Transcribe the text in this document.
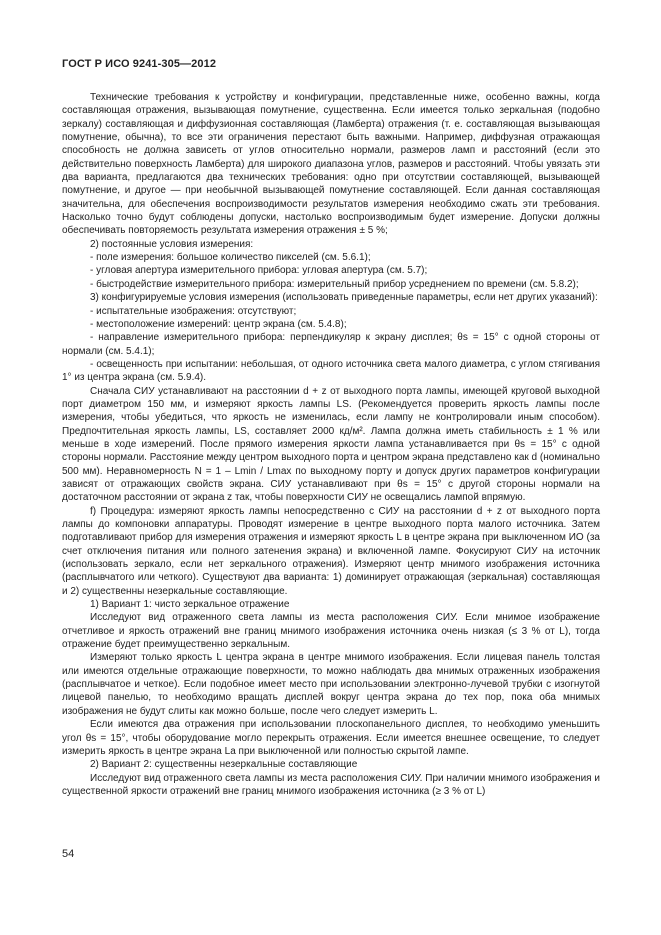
ГОСТ Р ИСО 9241-305—2012

Технические требования к устройству и конфигурации, представленные ниже, особенно важны, когда составляющая отражения, вызывающая помутнение, существенна. Если имеется только зеркальная (подобно зеркалу) составляющая и диффузионная составляющая (Ламберта) отражения (т. е. составляющая вызывающая помутнение, обычна), то все эти ограничения перестают быть важными. Например, диффузная отражающая способность не должна зависеть от углов относительно нормали, размеров ламп и расстояний (если это действительно поверхность Ламберта) для широкого диапазона углов, размеров и расстояний. Чтобы увязать эти два варианта, предлагаются два технических требования: одно при отсутствии составляющей, вызывающей помутнение, и другое — при необычной вызывающей помутнение составляющей. Если данная составляющая значительна, для обеспечения воспроизводимости результатов измерения необходимо сжать эти требования. Насколько точно будут соблюдены допуски, настолько воспроизводимым будет измерение. Допуски должны обеспечивать повторяемость результата измерения отражения ± 5 %;

2) постоянные условия измерения:

- поле измерения: большое количество пикселей (см. 5.6.1);

- угловая апертура измерительного прибора: угловая апертура (см. 5.7);

- быстродействие измерительного прибора: измерительный прибор усреднением по времени (см. 5.8.2);

3) конфигурируемые условия измерения (использовать приведенные параметры, если нет других указаний):

- испытательные изображения: отсутствуют;

- местоположение измерений: центр экрана (см. 5.4.8);

- направление измерительного прибора: перпендикуляр к экрану дисплея; θs = 15° с одной стороны от нормали (см. 5.4.1);

- освещенность при испытании: небольшая, от одного источника света малого диаметра, с углом стягивания 1° из центра экрана (см. 5.9.4).

Сначала СИУ устанавливают на расстоянии d + z от выходного порта лампы, имеющей круговой выходной порт диаметром 150 мм, и измеряют яркость лампы LS. (Рекомендуется проверить яркость лампы после измерения, чтобы убедиться, что яркость не изменилась, если лампу не контролировали иным способом). Предпочтительная яркость лампы, LS, составляет 2000 кд/м². Лампа должна иметь стабильность ± 1 % или меньше в ходе измерений. После прямого измерения яркости лампа устанавливается при θs = 15° с одной стороны нормали. Расстояние между центром выходного порта и центром экрана представлено как d (номинально 500 мм). Неравномерность N = 1 – Lmin / Lmax по выходному порту и допуск других параметров конфигурации зависят от отражающих свойств экрана. СИУ устанавливают при θs = 15° с другой стороны нормали на достаточном расстоянии от экрана z так, чтобы поверхности СИУ не освещались лампой впрямую.

f) Процедура: измеряют яркость лампы непосредственно с СИУ на расстоянии d + z от выходного порта лампы до компоновки аппаратуры. Проводят измерение в центре выходного порта малого источника. Затем подготавливают прибор для измерения отражения и измеряют яркость L в центре экрана при выключенном ИО (за счет отключения питания или полного затенения экрана) и включенной лампе. Фокусируют СИУ на источник (использовать зеркало, если нет зеркального отражения). Измеряют центр мнимого изображения источника (расплывчатого или четкого). Существуют два варианта: 1) доминирует отражающая (зеркальная) составляющая и 2) существенны незеркальные составляющие.

1) Вариант 1: чисто зеркальное отражение

Исследуют вид отраженного света лампы из места расположения СИУ. Если мнимое изображение отчетливое и яркость отражений вне границ мнимого изображения источника очень низкая (≤ 3 % от L), тогда отражение будет преимущественно зеркальным.

Измеряют только яркость L центра экрана в центре мнимого изображения. Если лицевая панель толстая или имеются отдельные отражающие поверхности, то можно наблюдать два мнимых отраженных изображения (расплывчатое и четкое). Если подобное имеет место при использовании электронно-лучевой трубки с изогнутой лицевой панелью, то необходимо вращать дисплей вокруг центра экрана до тех пор, пока оба мнимых изображения не будут слиты как можно больше, после чего следует измерить L.

Если имеются два отражения при использовании плоскопанельного дисплея, то необходимо уменьшить угол θs = 15°, чтобы оборудование могло перекрыть отражения. Если имеется внешнее освещение, то следует измерить яркость в центре экрана La при выключенной или полностью скрытой лампе.

2) Вариант 2: существенны незеркальные составляющие

Исследуют вид отраженного света лампы из места расположения СИУ. При наличии мнимого изображения и существенной яркости отражений вне границ мнимого изображения источника (≥ 3 % от L)

54
